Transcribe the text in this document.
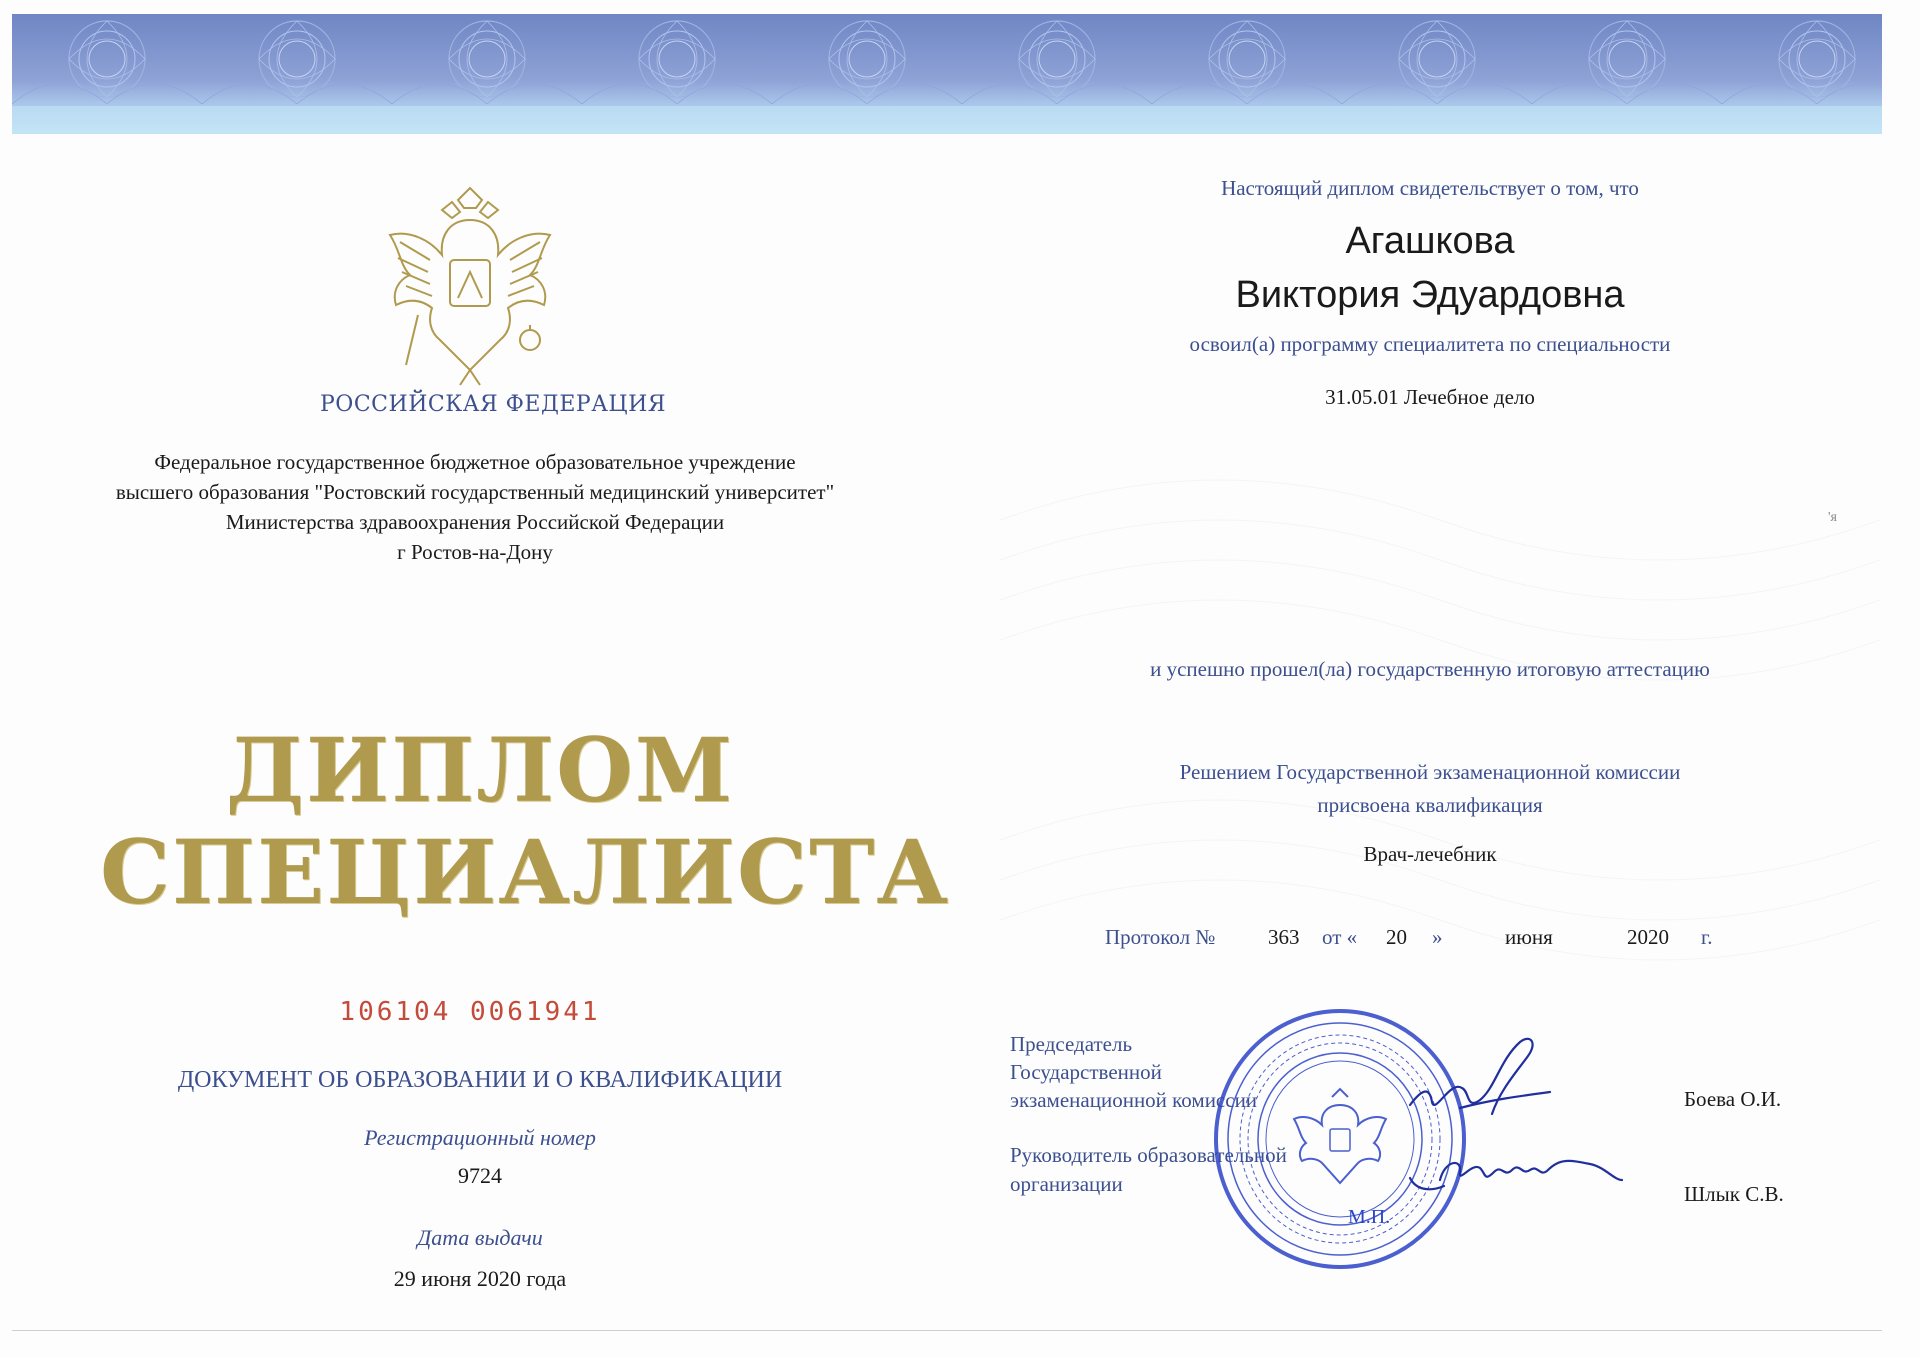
РОССИЙСКАЯ ФЕДЕРАЦИЯ
Федеральное государственное бюджетное образовательное учреждение
высшего образования "Ростовский государственный медицинский университет"
Министерства здравоохранения Российской Федерации
г Ростов-на-Дону
ДИПЛОМ
СПЕЦИАЛИСТА
106104 0061941
ДОКУМЕНТ ОБ ОБРАЗОВАНИИ И О КВАЛИФИКАЦИИ
Регистрационный номер
9724
Дата выдачи
29 июня 2020 года
Настоящий диплом свидетельствует о том, что
Агашкова
Виктория Эдуардовна
освоил(а) программу специалитета по специальности
31.05.01 Лечебное дело
'я
и успешно прошел(ла) государственную итоговую аттестацию
Решением Государственной экзаменационной комиссии
присвоена квалификация
Врач-лечебник
Протокол №	363 от « 20 »	июня	2020 г.
Председатель
Государственной
экзаменационной комиссии	Боева О.И.
Руководитель образовательной
организации	Шлык С.В.
М.П.
